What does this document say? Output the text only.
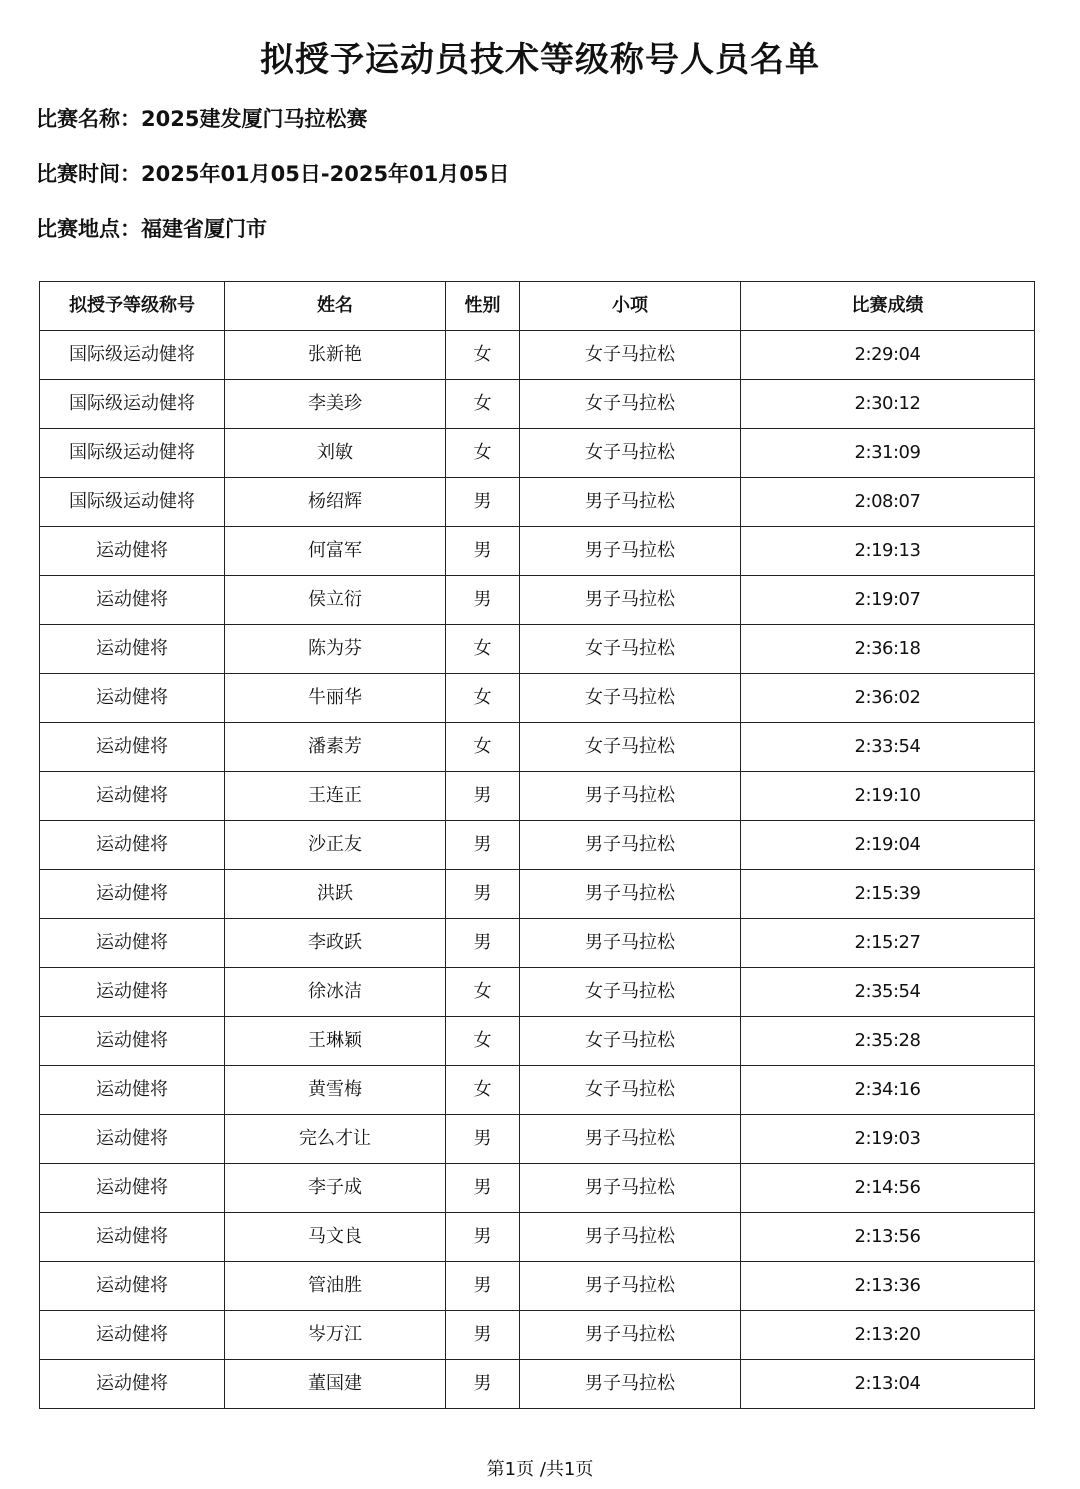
拟授予运动员技术等级称号人员名单
比赛名称：2025建发厦门马拉松赛
比赛时间：2025年01月05日-2025年01月05日
比赛地点：福建省厦门市
拟授予等级称号	姓名	性别	小项	比赛成绩
国际级运动健将	张新艳	女	女子马拉松	2:29:04
国际级运动健将	李美珍	女	女子马拉松	2:30:12
国际级运动健将	刘敏	女	女子马拉松	2:31:09
国际级运动健将	杨绍辉	男	男子马拉松	2:08:07
运动健将	何富军	男	男子马拉松	2:19:13
运动健将	侯立衍	男	男子马拉松	2:19:07
运动健将	陈为芬	女	女子马拉松	2:36:18
运动健将	牛丽华	女	女子马拉松	2:36:02
运动健将	潘素芳	女	女子马拉松	2:33:54
运动健将	王连正	男	男子马拉松	2:19:10
运动健将	沙正友	男	男子马拉松	2:19:04
运动健将	洪跃	男	男子马拉松	2:15:39
运动健将	李政跃	男	男子马拉松	2:15:27
运动健将	徐冰洁	女	女子马拉松	2:35:54
运动健将	王琳颖	女	女子马拉松	2:35:28
运动健将	黄雪梅	女	女子马拉松	2:34:16
运动健将	完么才让	男	男子马拉松	2:19:03
运动健将	李子成	男	男子马拉松	2:14:56
运动健将	马文良	男	男子马拉松	2:13:56
运动健将	管油胜	男	男子马拉松	2:13:36
运动健将	岑万江	男	男子马拉松	2:13:20
运动健将	董国建	男	男子马拉松	2:13:04
第1页 /共1页
